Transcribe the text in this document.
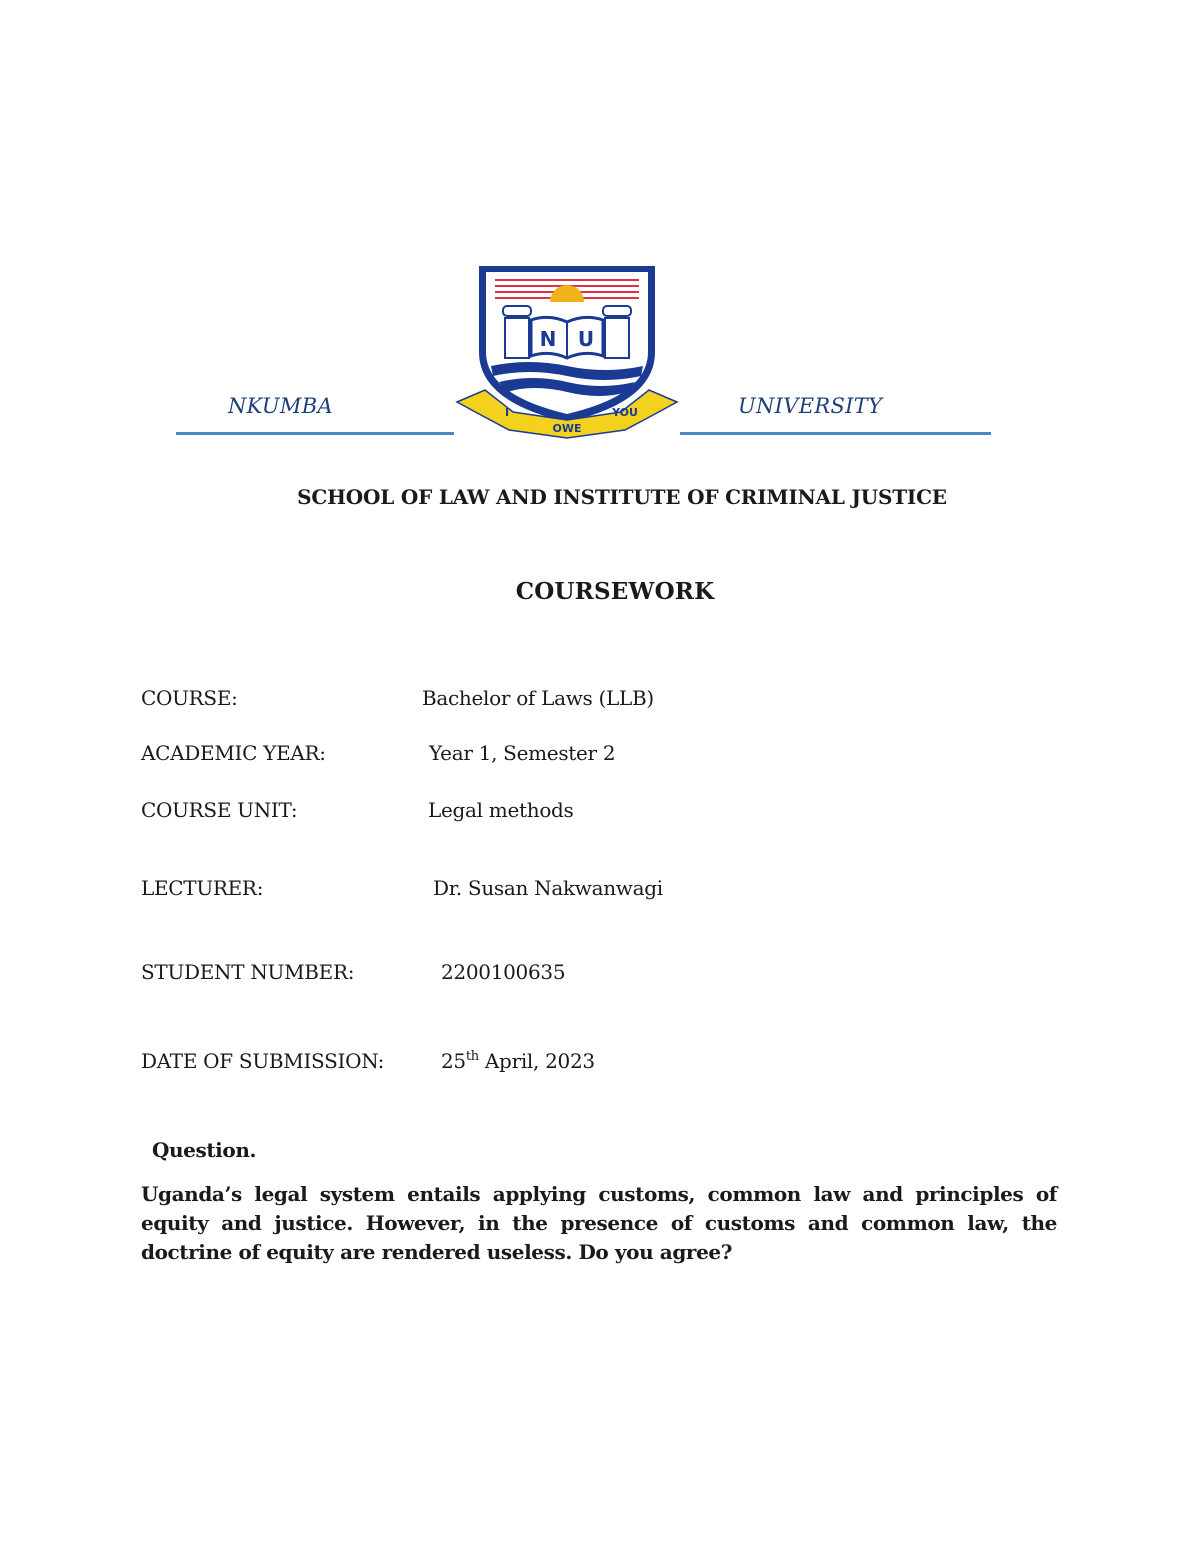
NKUMBA
N U
I
OWE
YOU	UNIVERSITY
SCHOOL OF LAW AND INSTITUTE OF CRIMINAL JUSTICE
COURSEWORK
COURSE:	Bachelor of Laws (LLB)
ACADEMIC YEAR:	Year 1, Semester 2
COURSE UNIT:	Legal methods
LECTURER:	Dr. Susan Nakwanwagi
STUDENT NUMBER:	2200100635
DATE OF SUBMISSION:	25th April, 2023
Question.
Uganda’s legal system entails applying customs, common law and principles of equity and justice. However, in the presence of customs and common law, the doctrine of equity are rendered useless. Do you agree?
